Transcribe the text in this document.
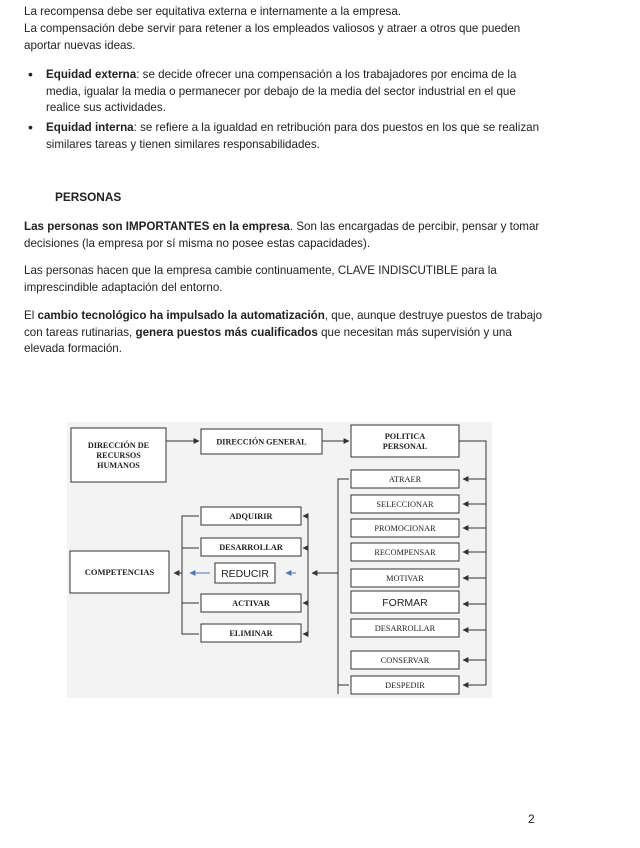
La recompensa debe ser equitativa externa e internamente a la empresa.

La compensación debe servir para retener a los empleados valiosos y atraer a otros que pueden aportar nuevas ideas.

• Equidad externa: se decide ofrecer una compensación a los trabajadores por encima de la media, igualar la media o permanecer por debajo de la media del sector industrial en el que realice sus actividades.

• Equidad interna: se refiere a la igualdad en retribución para dos puestos en los que se realizan similares tareas y tienen similares responsabilidades.

PERSONAS

Las personas son IMPORTANTES en la empresa. Son las encargadas de percibir, pensar y tomar decisiones (la empresa por sí misma no posee estas capacidades).

Las personas hacen que la empresa cambie continuamente, CLAVE INDISCUTIBLE para la imprescindible adaptación del entorno.

El cambio tecnológico ha impulsado la automatización, que, aunque destruye puestos de trabajo con tareas rutinarias, genera puestos más cualificados que necesitan más supervisión y una elevada formación.

DIRECCIÓN DE
RECURSOS
HUMANOS
DIRECCIÓN GENERAL
POLITICA
PERSONAL
COMPETENCIAS
ADQUIRIR
DESARROLLAR
REDUCIR
ACTIVAR
ELIMINAR
ATRAER
SELECCIONAR
PROMOCIONAR
RECOMPENSAR
MOTIVAR
FORMAR
DESARROLLAR
CONSERVAR
DESPEDIR
2
